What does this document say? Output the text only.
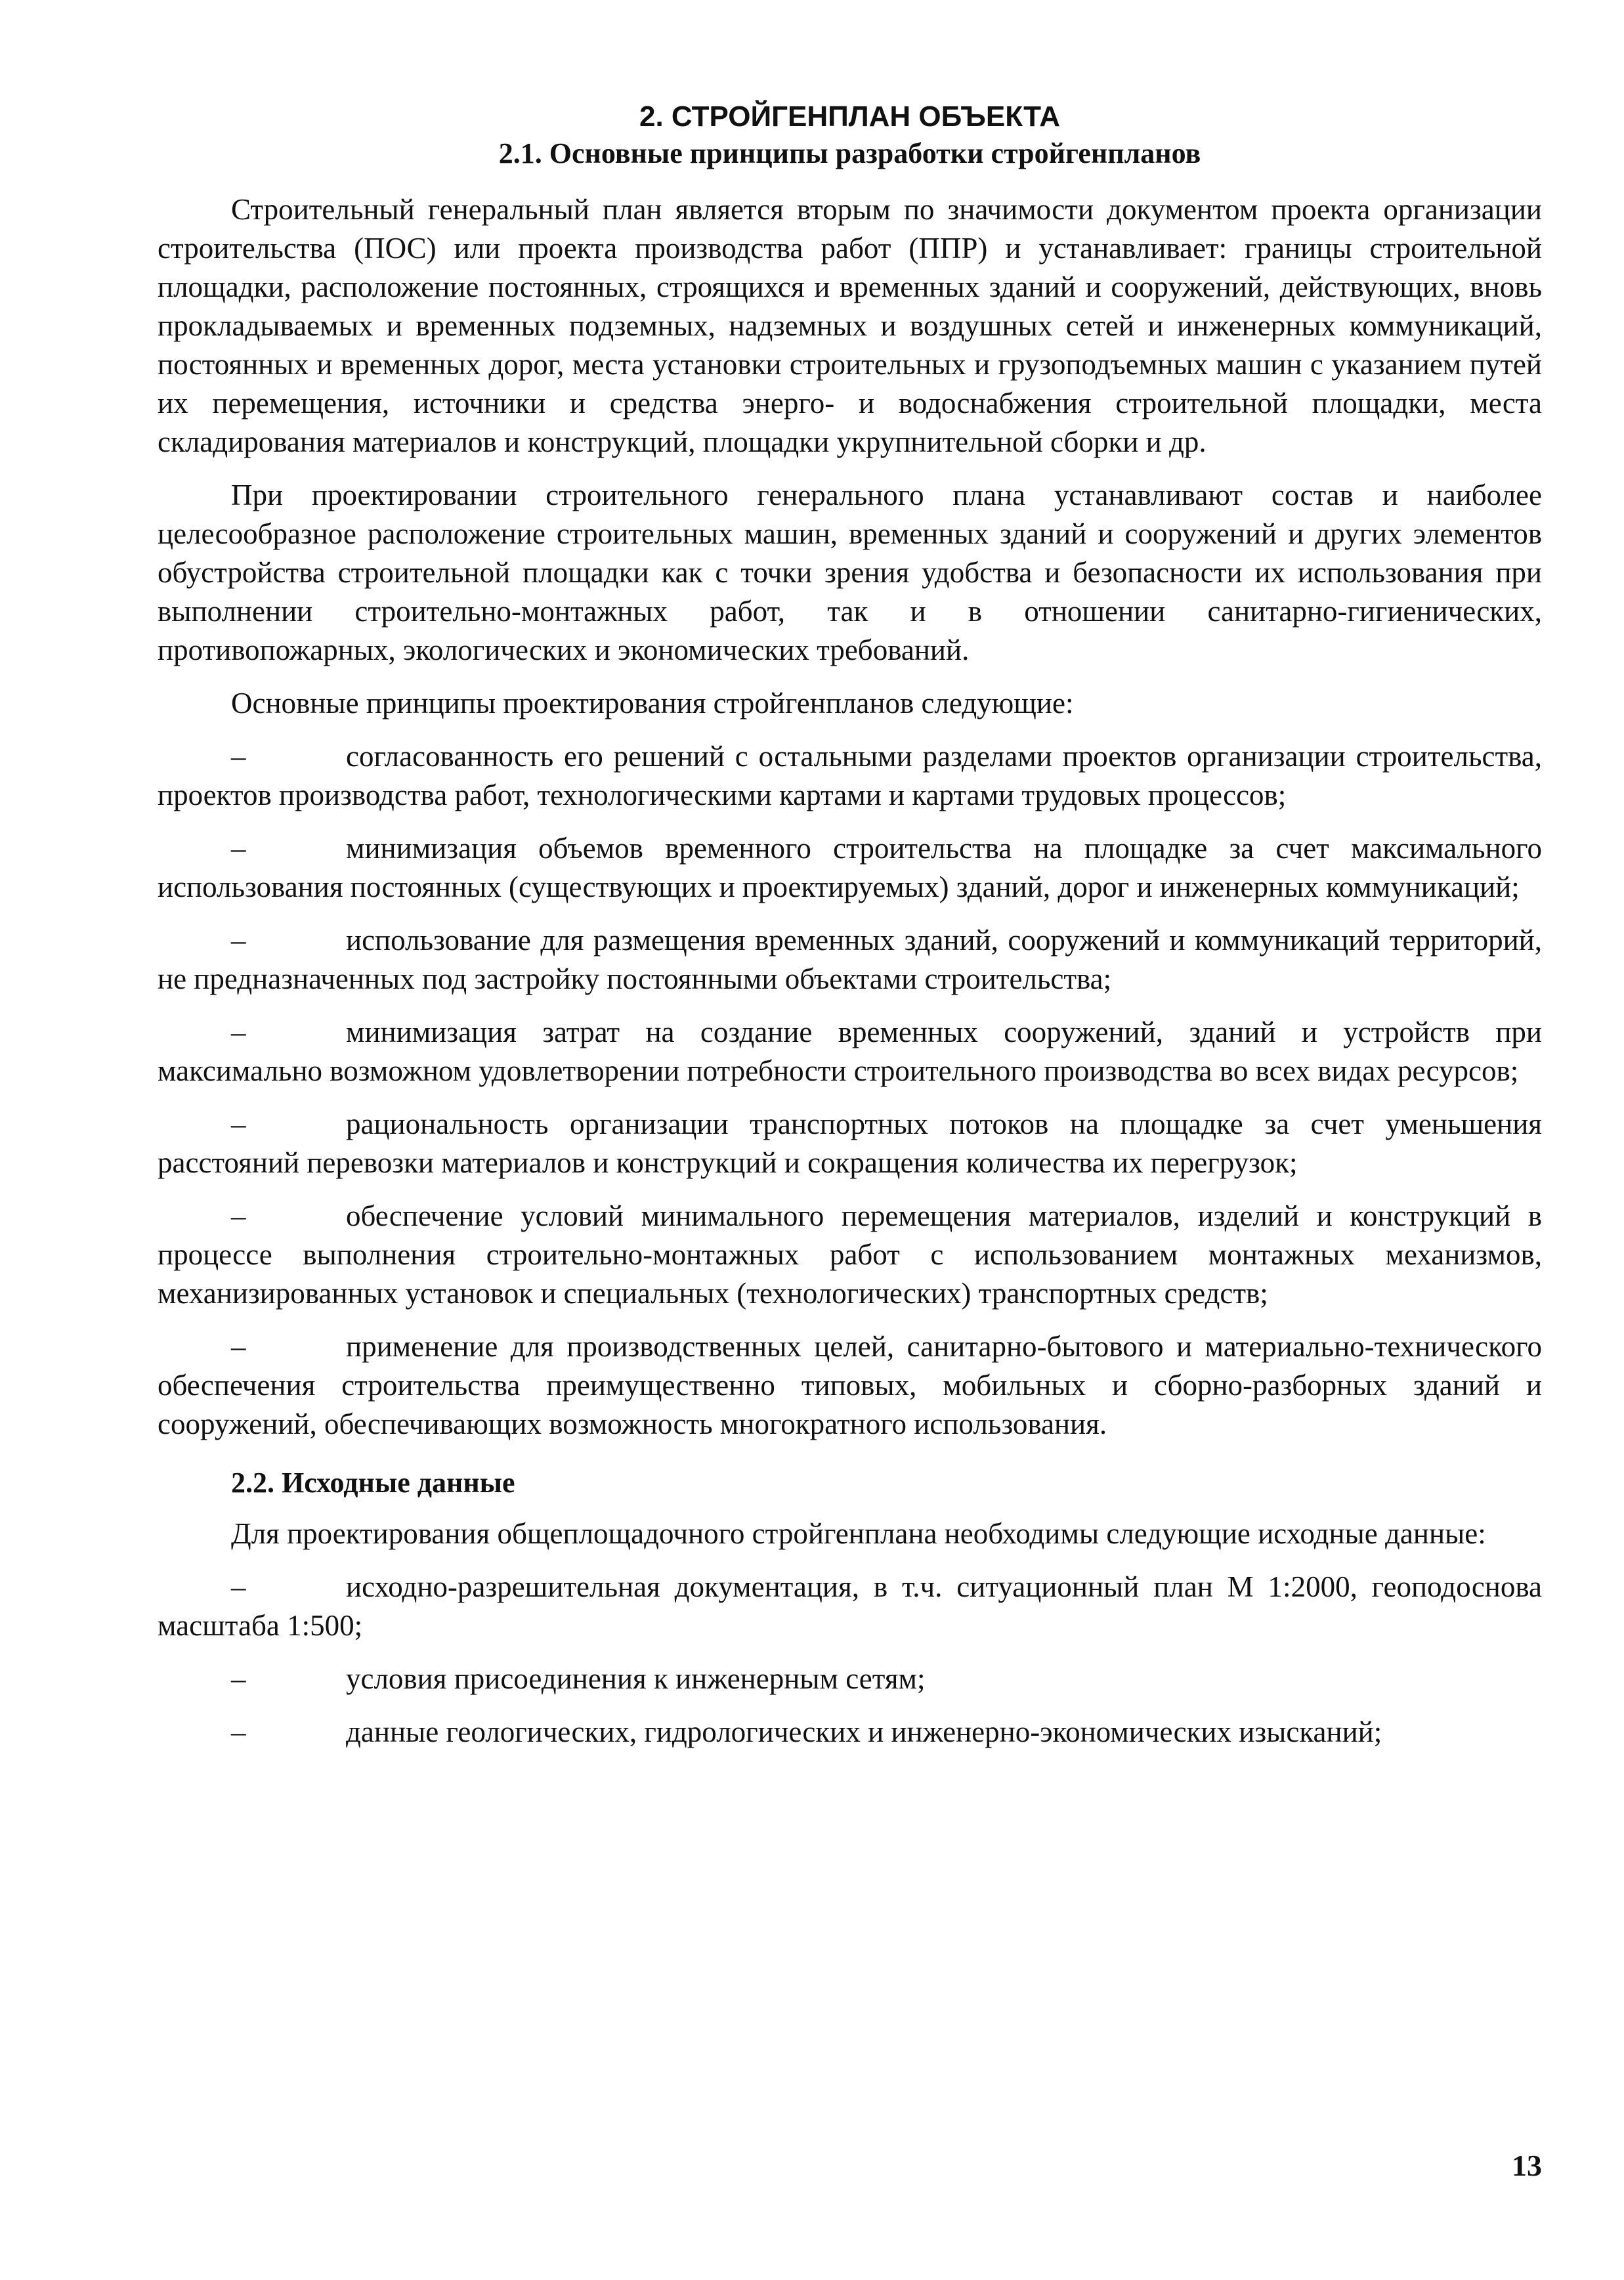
2. СТРОЙГЕНПЛАН ОБЪЕКТА
2.1. Основные принципы разработки стройгенпланов

Строительный генеральный план является вторым по значимости документом проекта организации строительства (ПОС) или проекта производства работ (ППР) и устанавливает: границы строительной площадки, расположение постоянных, строящихся и временных зданий и сооружений, действующих, вновь прокладываемых и временных подземных, надземных и воздушных сетей и инженерных коммуникаций, постоянных и временных дорог, места установки строительных и грузоподъемных машин с указанием путей их перемещения, источники и средства энерго- и водоснабжения строительной площадки, места складирования материалов и конструкций, площадки укрупнительной сборки и др.

При проектировании строительного генерального плана устанавливают состав и наиболее целесообразное расположение строительных машин, временных зданий и сооружений и других элементов обустройства строительной площадки как с точки зрения удобства и безопасности их использования при выполнении строительно-монтажных работ, так и в отношении санитарно-гигиенических, противопожарных, экологических и экономических требований.

Основные принципы проектирования стройгенпланов следующие:

–	согласованность его решений с остальными разделами проектов организации строительства, проектов производства работ, технологическими картами и картами трудовых процессов;

–	минимизация объемов временного строительства на площадке за счет максимального использования постоянных (существующих и проектируемых) зданий, дорог и инженерных коммуникаций;

–	использование для размещения временных зданий, сооружений и коммуникаций территорий, не предназначенных под застройку постоянными объектами строительства;

–	минимизация затрат на создание временных сооружений, зданий и устройств при максимально возможном удовлетворении потребности строительного производства во всех видах ресурсов;

–	рациональность организации транспортных потоков на площадке за счет уменьшения расстояний перевозки материалов и конструкций и сокращения количества их перегрузок;

–	обеспечение условий минимального перемещения материалов, изделий и конструкций в процессе выполнения строительно-монтажных работ с использованием монтажных механизмов, механизированных установок и специальных (технологических) транспортных средств;

–	применение для производственных целей, санитарно-бытового и материально-технического обеспечения строительства преимущественно типовых, мобильных и сборно-разборных зданий и сооружений, обеспечивающих возможность многократного использования.

2.2. Исходные данные

Для проектирования общеплощадочного стройгенплана необходимы следующие исходные данные:

–	исходно-разрешительная документация, в т.ч. ситуационный план М 1:2000, геоподоснова масштаба 1:500;

–	условия присоединения к инженерным сетям;

–	данные геологических, гидрологических и инженерно-экономических изысканий;

13
